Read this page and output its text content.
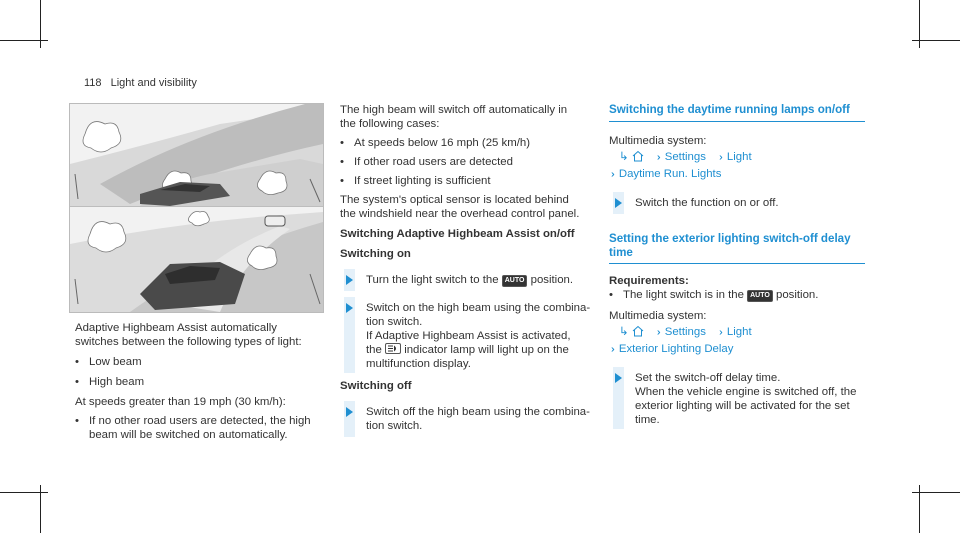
118 Light and visibility

Adaptive Highbeam Assist automatically

switches between the following types of light:

• Low beam
• High beam

At speeds greater than 19 mph (30 km/h):

• If no other road users are detected, the high
beam will be switched on automatically.

The high beam will switch off automatically in

the following cases:

• At speeds below 16 mph (25 km/h)
• If other road users are detected
• If street lighting is sufficient

The system's optical sensor is located behind

the windshield near the overhead control panel.

Switching Adaptive Highbeam Assist on/off

Switching on

Turn the light switch to the AUTO position.
Switch on the high beam using the combina-
tion switch.
If Adaptive Highbeam Assist is activated,
the indicator lamp will light up on the
multifunction display.

Switching off

Switch off the high beam using the combina-
tion switch.
Switching the daytime running lamps on/off

Multimedia system:

↳	›› Settings ›› Light
›› Daytime Run. Lights
Switch the function on or off.
Setting the exterior lighting switch-off delay
time

Requirements:

• The light switch is in the AUTO position.

Multimedia system:

↳	›› Settings ›› Light
›› Exterior Lighting Delay
Set the switch-off delay time.
When the vehicle engine is switched off, the
exterior lighting will be activated for the set
time.
